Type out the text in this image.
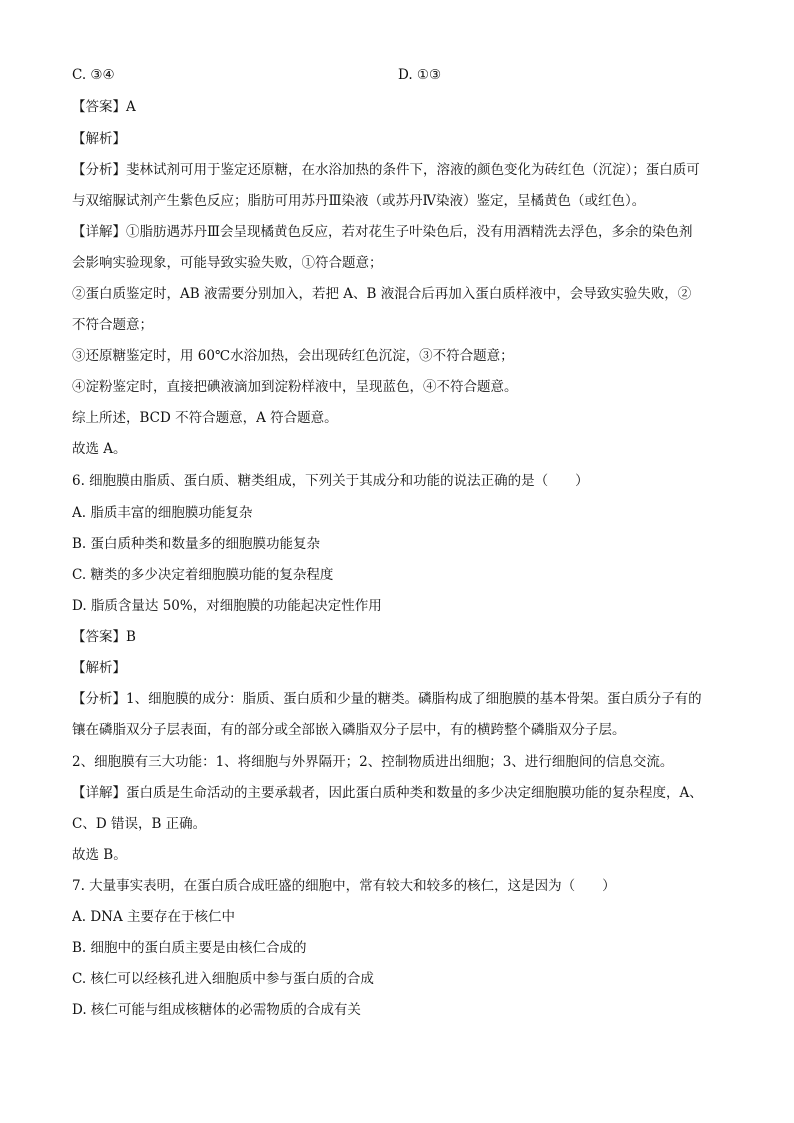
C. ③④	D. ①③
【答案】A
【解析】
【分析】斐林试剂可用于鉴定还原糖，在水浴加热的条件下，溶液的颜色变化为砖红色（沉淀）；蛋白质可
与双缩脲试剂产生紫色反应；脂肪可用苏丹Ⅲ染液（或苏丹Ⅳ染液）鉴定，呈橘黄色（或红色）。
【详解】①脂肪遇苏丹Ⅲ会呈现橘黄色反应，若对花生子叶染色后，没有用酒精洗去浮色，多余的染色剂
会影响实验现象，可能导致实验失败，①符合题意；
②蛋白质鉴定时，AB 液需要分别加入，若把 A、B 液混合后再加入蛋白质样液中，会导致实验失败，②
不符合题意；
③还原糖鉴定时，用 60℃水浴加热，会出现砖红色沉淀，③不符合题意；
④淀粉鉴定时，直接把碘液滴加到淀粉样液中，呈现蓝色，④不符合题意。
综上所述，BCD 不符合题意，A 符合题意。
故选 A。
6. 细胞膜由脂质、蛋白质、糖类组成，下列关于其成分和功能的说法正确的是（　　）
A. 脂质丰富的细胞膜功能复杂
B. 蛋白质种类和数量多的细胞膜功能复杂
C. 糖类的多少决定着细胞膜功能的复杂程度
D. 脂质含量达 50%，对细胞膜的功能起决定性作用
【答案】B
【解析】
【分析】1、细胞膜的成分：脂质、蛋白质和少量的糖类。磷脂构成了细胞膜的基本骨架。蛋白质分子有的
镶在磷脂双分子层表面，有的部分或全部嵌入磷脂双分子层中，有的横跨整个磷脂双分子层。
2、细胞膜有三大功能：1、将细胞与外界隔开；2、控制物质进出细胞；3、进行细胞间的信息交流。
【详解】蛋白质是生命活动的主要承载者，因此蛋白质种类和数量的多少决定细胞膜功能的复杂程度，A、
C、D 错误，B 正确。
故选 B。
7. 大量事实表明，在蛋白质合成旺盛的细胞中，常有较大和较多的核仁，这是因为（　　）
A. DNA 主要存在于核仁中
B. 细胞中的蛋白质主要是由核仁合成的
C. 核仁可以经核孔进入细胞质中参与蛋白质的合成
D. 核仁可能与组成核糖体的必需物质的合成有关
